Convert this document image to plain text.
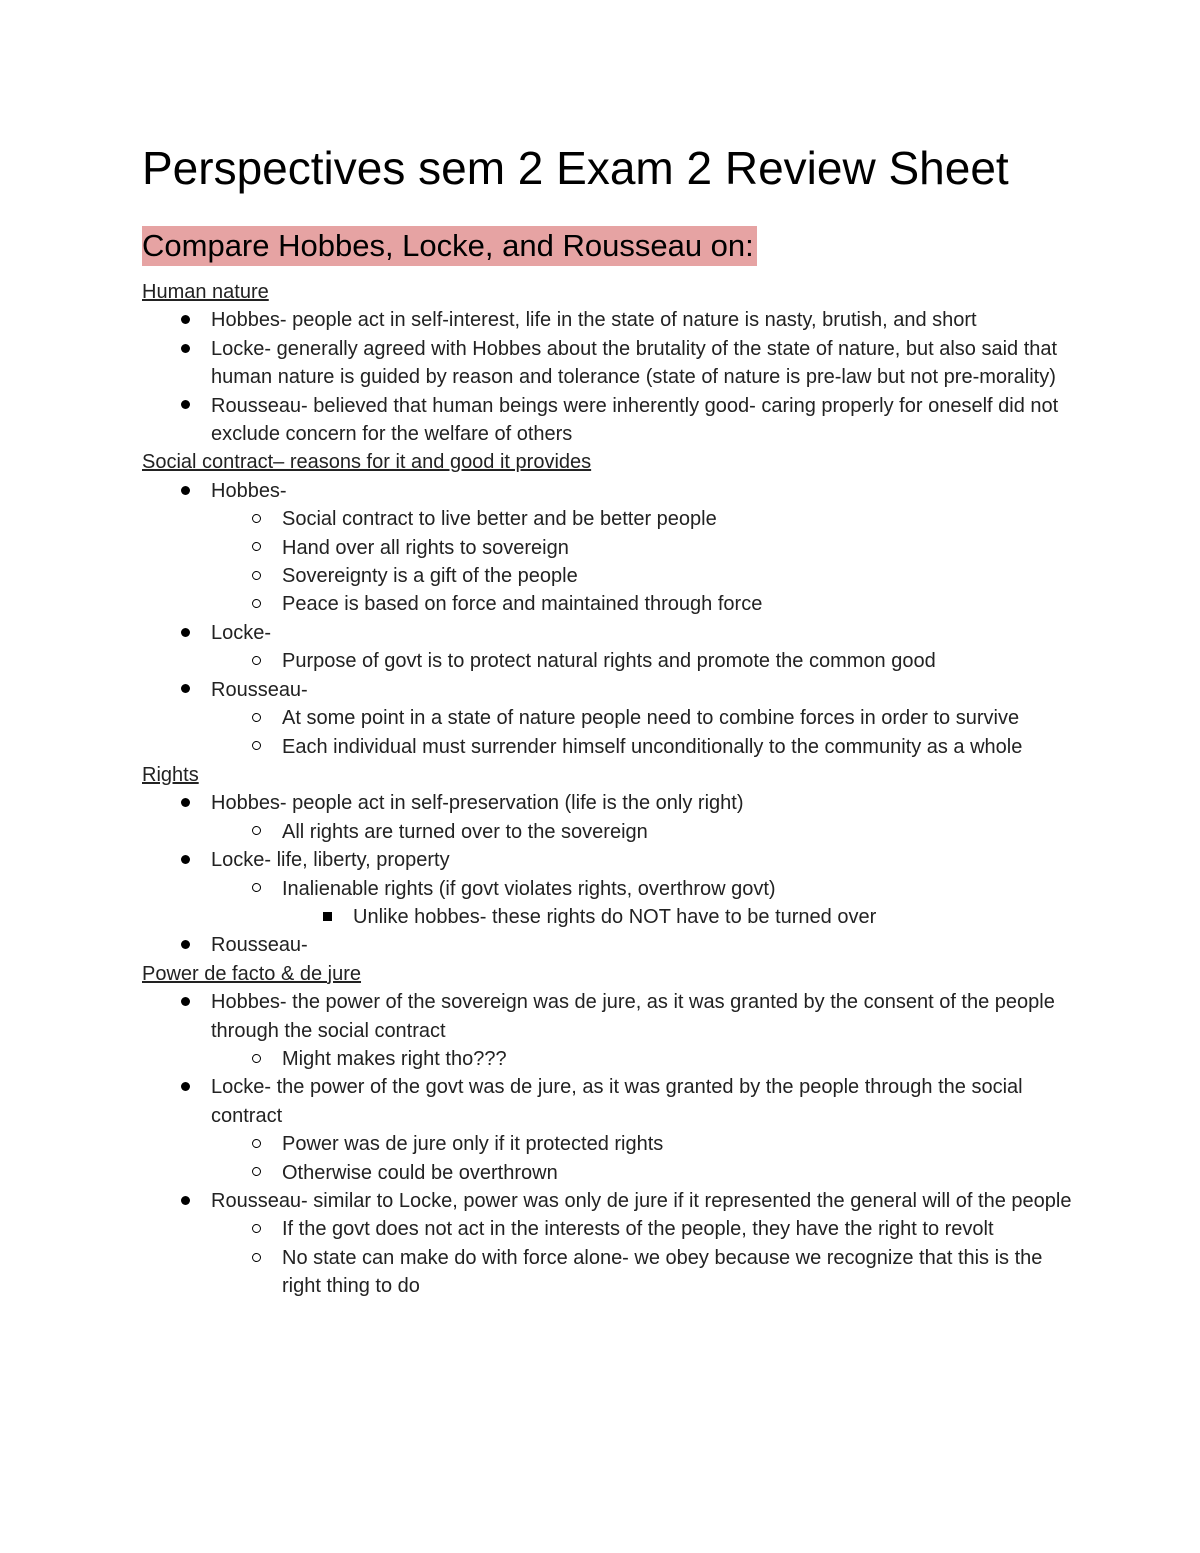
Perspectives sem 2 Exam 2 Review Sheet
Compare Hobbes, Locke, and Rousseau on:
Human nature
Hobbes- people act in self-interest, life in the state of nature is nasty, brutish, and short
Locke- generally agreed with Hobbes about the brutality of the state of nature, but also said that human nature is guided by reason and tolerance (state of nature is pre-law but not pre-morality)
Rousseau- believed that human beings were inherently good- caring properly for oneself did not exclude concern for the welfare of others
Social contract– reasons for it and good it provides
Hobbes-
Social contract to live better and be better people
Hand over all rights to sovereign
Sovereignty is a gift of the people
Peace is based on force and maintained through force
Locke-
Purpose of govt is to protect natural rights and promote the common good
Rousseau-
At some point in a state of nature people need to combine forces in order to survive
Each individual must surrender himself unconditionally to the community as a whole
Rights
Hobbes- people act in self-preservation (life is the only right)
All rights are turned over to the sovereign
Locke- life, liberty, property
Inalienable rights (if govt violates rights, overthrow govt)
Unlike hobbes- these rights do NOT have to be turned over
Rousseau-
Power de facto & de jure
Hobbes- the power of the sovereign was de jure, as it was granted by the consent of the people through the social contract
Might makes right tho???
Locke- the power of the govt was de jure, as it was granted by the people through the social contract
Power was de jure only if it protected rights
Otherwise could be overthrown
Rousseau- similar to Locke, power was only de jure if it represented the general will of the people
If the govt does not act in the interests of the people, they have the right to revolt
No state can make do with force alone- we obey because we recognize that this is the right thing to do
